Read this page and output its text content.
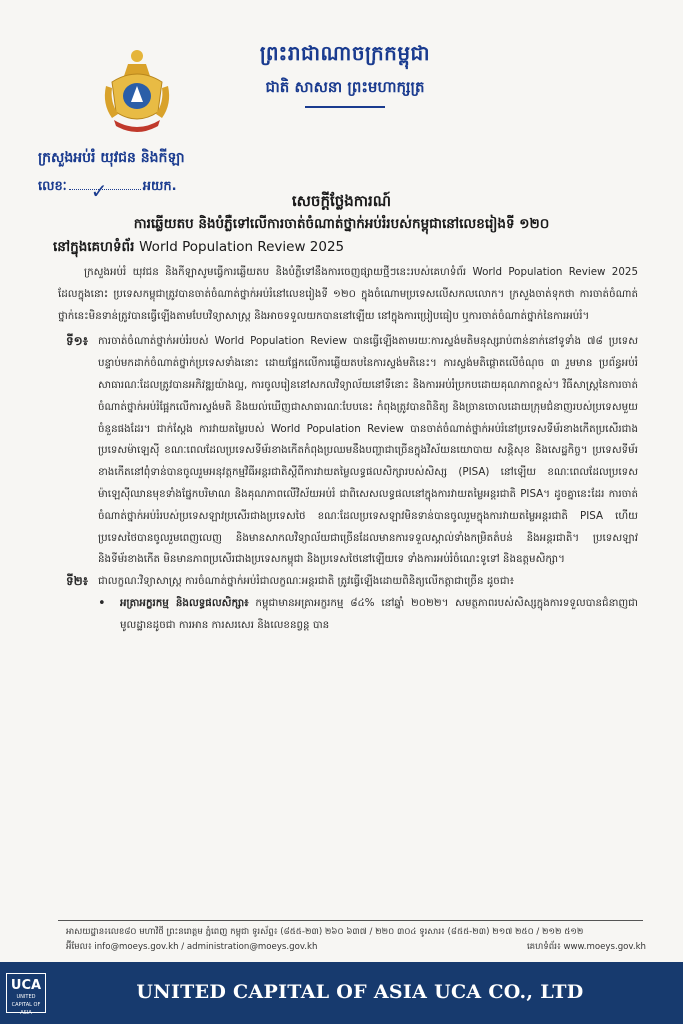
ព្រះរាជាណាចក្រកម្ពុជា
ជាតិ សាសនា ព្រះមហាក្សត្រ
ក្រសួងអប់រំ យុវជន និងកីឡា
លេខៈ ✓	អយក.
សេចក្តីថ្លែងការណ៍
ការឆ្លើយតប និងបំភ្លឺទៅលើការចាត់ចំណាត់ថ្នាក់អប់រំរបស់កម្ពុជានៅលេខរៀងទី ១២០
នៅក្នុងគេហទំព័រ World Population Review 2025

ក្រសួងអប់រំ យុវជន និងកីឡាសូមធ្វើការឆ្លើយតប និងបំភ្លឺទៅនឹងការចេញផ្សាយថ្មីៗនេះរបស់គេហទំព័រ World Population Review 2025 ដែលក្នុងនោះ ប្រទេសកម្ពុជាត្រូវបានចាត់ចំណាត់ថ្នាក់អប់រំនៅលេខរៀងទី ១២០ ក្នុងចំណោមប្រទេសលើសកលលោក។ ក្រសួងចាត់ទុកថា ការចាត់ចំណាត់ថ្នាក់នេះមិនទាន់ត្រូវបានធ្វើឡើងតាមបែបវិទ្យាសាស្ត្រ និងអាចទទួលយកបាននៅឡើយ នៅក្នុងការប្រៀបធៀប ឬការចាត់ចំណាត់ថ្នាក់នៃការអប់រំ។

ទី១៖ ការចាត់ចំណាត់ថ្នាក់អប់រំរបស់ World Population Review បានធ្វើឡើងតាមរយៈការស្ទង់មតិមនុស្សរាប់ពាន់នាក់នៅទូទាំង ៧៨ ប្រទេស បន្ទាប់មកដាក់ចំណាត់ថ្នាក់ប្រទេសទាំងនោះ ដោយផ្អែកលើការឆ្លើយតបនៃការស្ទង់មតិនេះ។ ការស្ទង់មតិផ្តោតលើចំណុច ៣ រួមមាន ប្រព័ន្ធអប់រំសាធារណៈដែលត្រូវបានអភិវឌ្ឍយ៉ាងល្អ, ការចូលរៀននៅសកលវិទ្យាល័យនៅទីនោះ និងការអប់រំប្រកបដោយគុណភាពខ្ពស់។ វិធីសាស្ត្រនៃការចាត់ចំណាត់ថ្នាក់អប់រំផ្អែកលើការស្ទង់មតិ និងយល់ឃើញជាសាធារណៈបែបនេះ កំពុងត្រូវបានពិនិត្យ និងច្រានចោលដោយក្រុមជំនាញរបស់ប្រទេសមួយចំនួនផងដែរ។ ជាក់ស្តែង ការវាយតម្លៃរបស់ World Population Review បានចាត់ចំណាត់ថ្នាក់អប់រំនៅប្រទេសទីម័រខាងកើតប្រសើរជាងប្រទេសម៉ាឡេស៊ី ខណៈពេលដែលប្រទេសទីម័រខាងកើតកំពុងប្រឈមនឹងបញ្ហាជាច្រើនក្នុងវិស័យនយោបាយ សន្តិសុខ និងសេដ្ឋកិច្ច។ ប្រទេសទីម័រខាងកើតនៅពុំទាន់បានចូលរួមអនុវត្តកម្មវិធីអន្តរជាតិស្តីពីការវាយតម្លៃលទ្ធផលសិក្សារបស់សិស្ស (PISA) នៅឡើយ ខណៈពេលដែលប្រទេសម៉ាឡេស៊ីឈានមុខទាំងផ្នែកបរិមាណ និងគុណភាពលើវិស័យអប់រំ ជាពិសេសលទ្ធផលនៅក្នុងការវាយតម្លៃអន្តរជាតិ PISA។ ដូចគ្នានេះដែរ ការចាត់ចំណាត់ថ្នាក់អប់រំរបស់ប្រទេសឡាវប្រសើរជាងប្រទេសថៃ ខណៈដែលប្រទេសឡាវមិនទាន់បានចូលរួមក្នុងការវាយតម្លៃអន្តរជាតិ PISA ហើយប្រទេសថៃបានចូលរួមពេញលេញ និងមានសាកលវិទ្យាល័យជាច្រើនដែលមានការទទួលស្គាល់ទាំងកម្រិតតំបន់ និងអន្តរជាតិ។ ប្រទេសឡាវ និងទីម័រខាងកើត មិនមានភាពប្រសើរជាងប្រទេសកម្ពុជា និងប្រទេសថៃនៅឡើយទេ ទាំងការអប់រំចំណេះទូទៅ និងឧត្តមសិក្សា។
ទី២៖ ជាលក្ខណៈវិទ្យាសាស្ត្រ ការចំណាត់ថ្នាក់អប់រំជាលក្ខណៈអន្តរជាតិ ត្រូវធ្វើឡើងដោយពិនិត្យលើកត្តាជាច្រើន ដូចជា៖
•	អត្រាអក្ខរកម្ម និងលទ្ធផលសិក្សា៖ កម្ពុជាមានអត្រាអក្ខរកម្ម ៨៤% នៅឆ្នាំ ២០២២។ សមត្ថភាពរបស់សិស្សក្នុងការទទួលបានជំនាញជាមូលដ្ឋានដូចជា ការអាន ការសរសេរ និងលេខនព្វន្ត បាន
អាសយដ្ឋាន៖លេខ៨០ មហាវិថី ព្រះនរោត្តម ភ្នំពេញ កម្ពុជា ទូរស័ព្ទ៖ (៨៥៥-២៣) ២៦០ ៦៣៧ / ២២០ ៣០៤ ទូរសារ៖ (៨៥៥-២៣) ២១៧ ២៥០ / ២១២ ៥១២
អ៊ីមែល៖ info@moeys.gov.kh / administration@moeys.gov.kh	គេហទំព័រ៖ www.moeys.gov.kh
UCA
UNITED CAPITAL OF ASIA
UNITED CAPITAL OF ASIA UCA CO., LTD
